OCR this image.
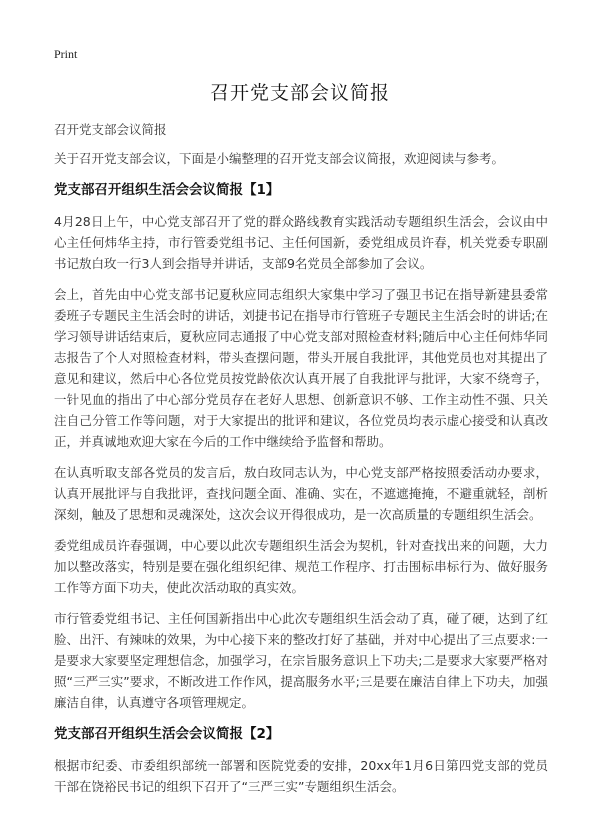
Print
召开党支部会议简报

召开党支部会议简报

关于召开党支部会议，下面是小编整理的召开党支部会议简报，欢迎阅读与参考。

党支部召开组织生活会会议简报【1】

4月28日上午，中心党支部召开了党的群众路线教育实践活动专题组织生活会，会议由中心主任何炜华主持，市行管委党组书记、主任何国新，委党组成员许春，机关党委专职副书记敖白玫一行3人到会指导并讲话，支部9名党员全部参加了会议。

会上，首先由中心党支部书记夏秋应同志组织大家集中学习了强卫书记在指导新建县委常委班子专题民主生活会时的讲话，刘捷书记在指导市行管班子专题民主生活会时的讲话;在学习领导讲话结束后，夏秋应同志通报了中心党支部对照检查材料;随后中心主任何炜华同志报告了个人对照检查材料，带头查摆问题，带头开展自我批评，其他党员也对其提出了意见和建议，然后中心各位党员按党龄依次认真开展了自我批评与批评，大家不绕弯子，一针见血的指出了中心部分党员存在老好人思想、创新意识不够、工作主动性不强、只关注自己分管工作等问题，对于大家提出的批评和建议，各位党员均表示虚心接受和认真改正，并真诚地欢迎大家在今后的工作中继续给予监督和帮助。

在认真听取支部各党员的发言后，敖白玫同志认为，中心党支部严格按照委活动办要求，认真开展批评与自我批评，查找问题全面、准确、实在，不遮遮掩掩，不避重就轻，剖析深刻，触及了思想和灵魂深处，这次会议开得很成功，是一次高质量的专题组织生活会。

委党组成员许春强调，中心要以此次专题组织生活会为契机，针对查找出来的问题，大力加以整改落实，特别是要在强化组织纪律、规范工作程序、打击围标串标行为、做好服务工作等方面下功夫，使此次活动取的真实效。

市行管委党组书记、主任何国新指出中心此次专题组织生活会动了真，碰了硬，达到了红脸、出汗、有辣味的效果，为中心接下来的整改打好了基础，并对中心提出了三点要求:一是要求大家要坚定理想信念，加强学习，在宗旨服务意识上下功夫;二是要求大家要严格对照“三严三实”要求，不断改进工作作风，提高服务水平;三是要在廉洁自律上下功夫，加强廉洁自律，认真遵守各项管理规定。

党支部召开组织生活会会议简报【2】

根据市纪委、市委组织部统一部署和医院党委的安排，20xx年1月6日第四党支部的党员干部在饶裕民书记的组织下召开了“三严三实”专题组织生活会。
